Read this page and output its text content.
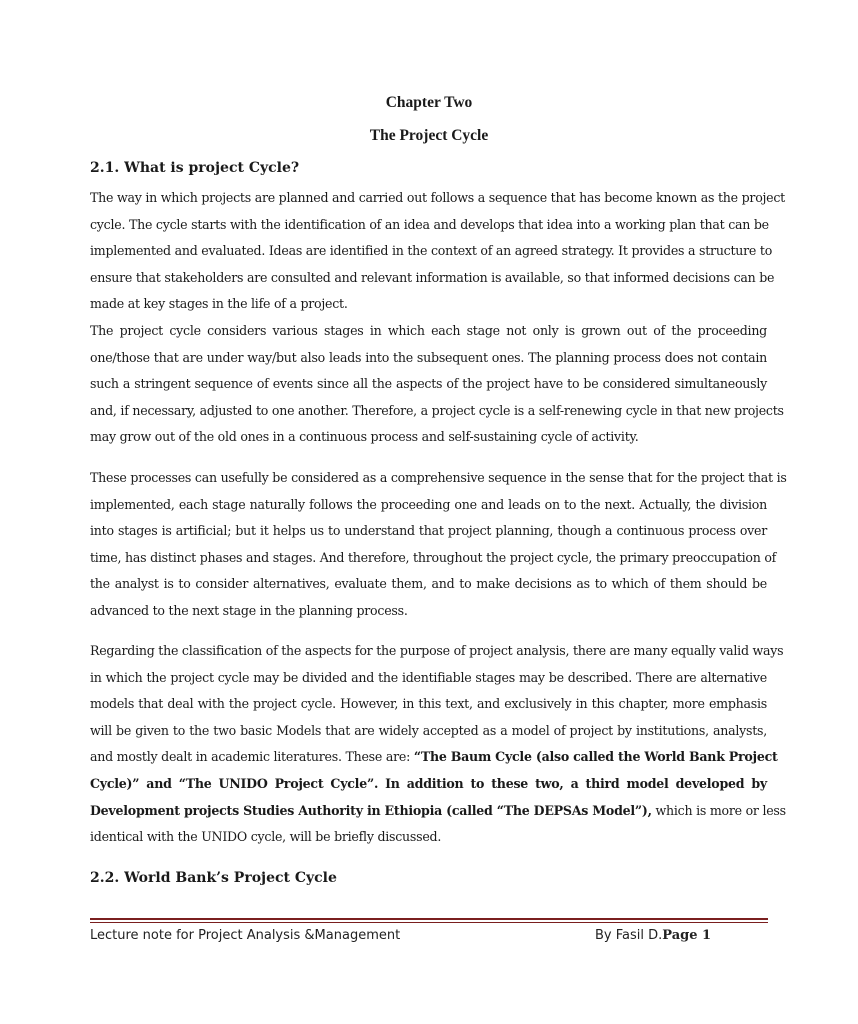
Chapter Two
The Project Cycle
2.1. What is project Cycle?
The way in which projects are planned and carried out follows a sequence that has become known as the project
cycle. The cycle starts with the identification of an idea and develops that idea into a working plan that can be
implemented and evaluated. Ideas are identified in the context of an agreed strategy. It provides a structure to
ensure that stakeholders are consulted and relevant information is available, so that informed decisions can be
made at key stages in the life of a project.
The project cycle considers various stages in which each stage not only is grown out of the proceeding
one/those that are under way/but also leads into the subsequent ones. The planning process does not contain
such a stringent sequence of events since all the aspects of the project have to be considered simultaneously
and, if necessary, adjusted to one another. Therefore, a project cycle is a self-renewing cycle in that new projects
may grow out of the old ones in a continuous process and self-sustaining cycle of activity.
These processes can usefully be considered as a comprehensive sequence in the sense that for the project that is
implemented, each stage naturally follows the proceeding one and leads on to the next. Actually, the division
into stages is artificial; but it helps us to understand that project planning, though a continuous process over
time, has distinct phases and stages. And therefore, throughout the project cycle, the primary preoccupation of
the analyst is to consider alternatives, evaluate them, and to make decisions as to which of them should be
advanced to the next stage in the planning process.
Regarding the classification of the aspects for the purpose of project analysis, there are many equally valid ways
in which the project cycle may be divided and the identifiable stages may be described. There are alternative
models that deal with the project cycle. However, in this text, and exclusively in this chapter, more emphasis
will be given to the two basic Models that are widely accepted as a model of project by institutions, analysts,
and mostly dealt in academic literatures. These are: “The Baum Cycle (also called the World Bank Project
Cycle)” and “The UNIDO Project Cycle”. In addition to these two, a third model developed by
Development projects Studies Authority in Ethiopia (called “The DEPSAs Model”), which is more or less
identical with the UNIDO cycle, will be briefly discussed.
2.2. World Bank’s Project Cycle
Lecture note for Project Analysis &Management	By Fasil D.Page 1
